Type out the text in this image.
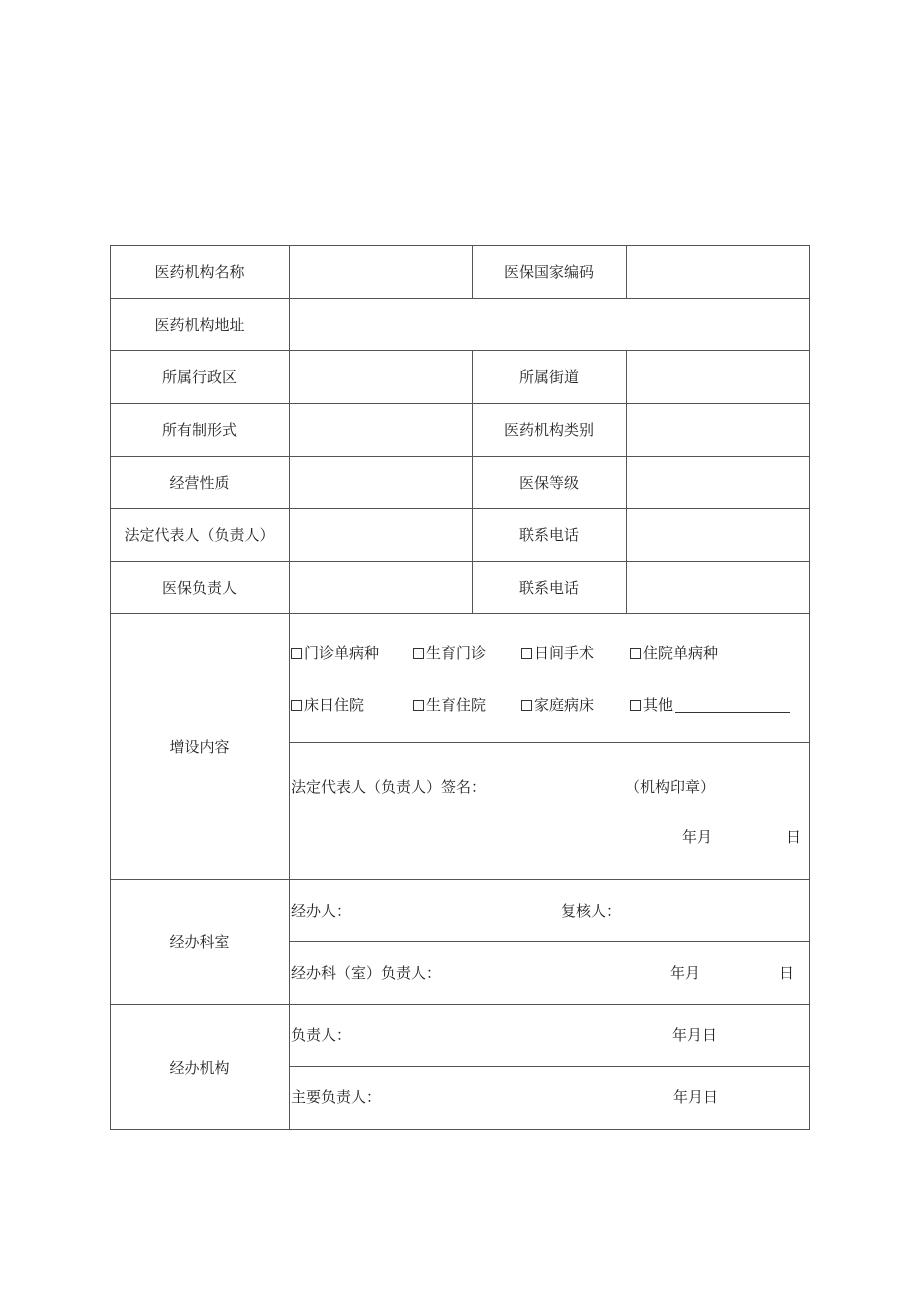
医药机构名称	医保国家编码
医药机构地址
所属行政区	所属街道
所有制形式	医药机构类别
经营性质	医保等级
法定代表人（负责人）	联系电话
医保负责人	联系电话
增设内容
门诊单病种	生育门诊	日间手术	住院单病种
床日住院	生育住院	家庭病床	其他
法定代表人（负责人）签名：	（机构印章）
年月	日
经办科室
经办人：	复核人：
经办科（室）负责人：	年月	日
经办机构
负责人：	年月日
主要负责人：	年月日
